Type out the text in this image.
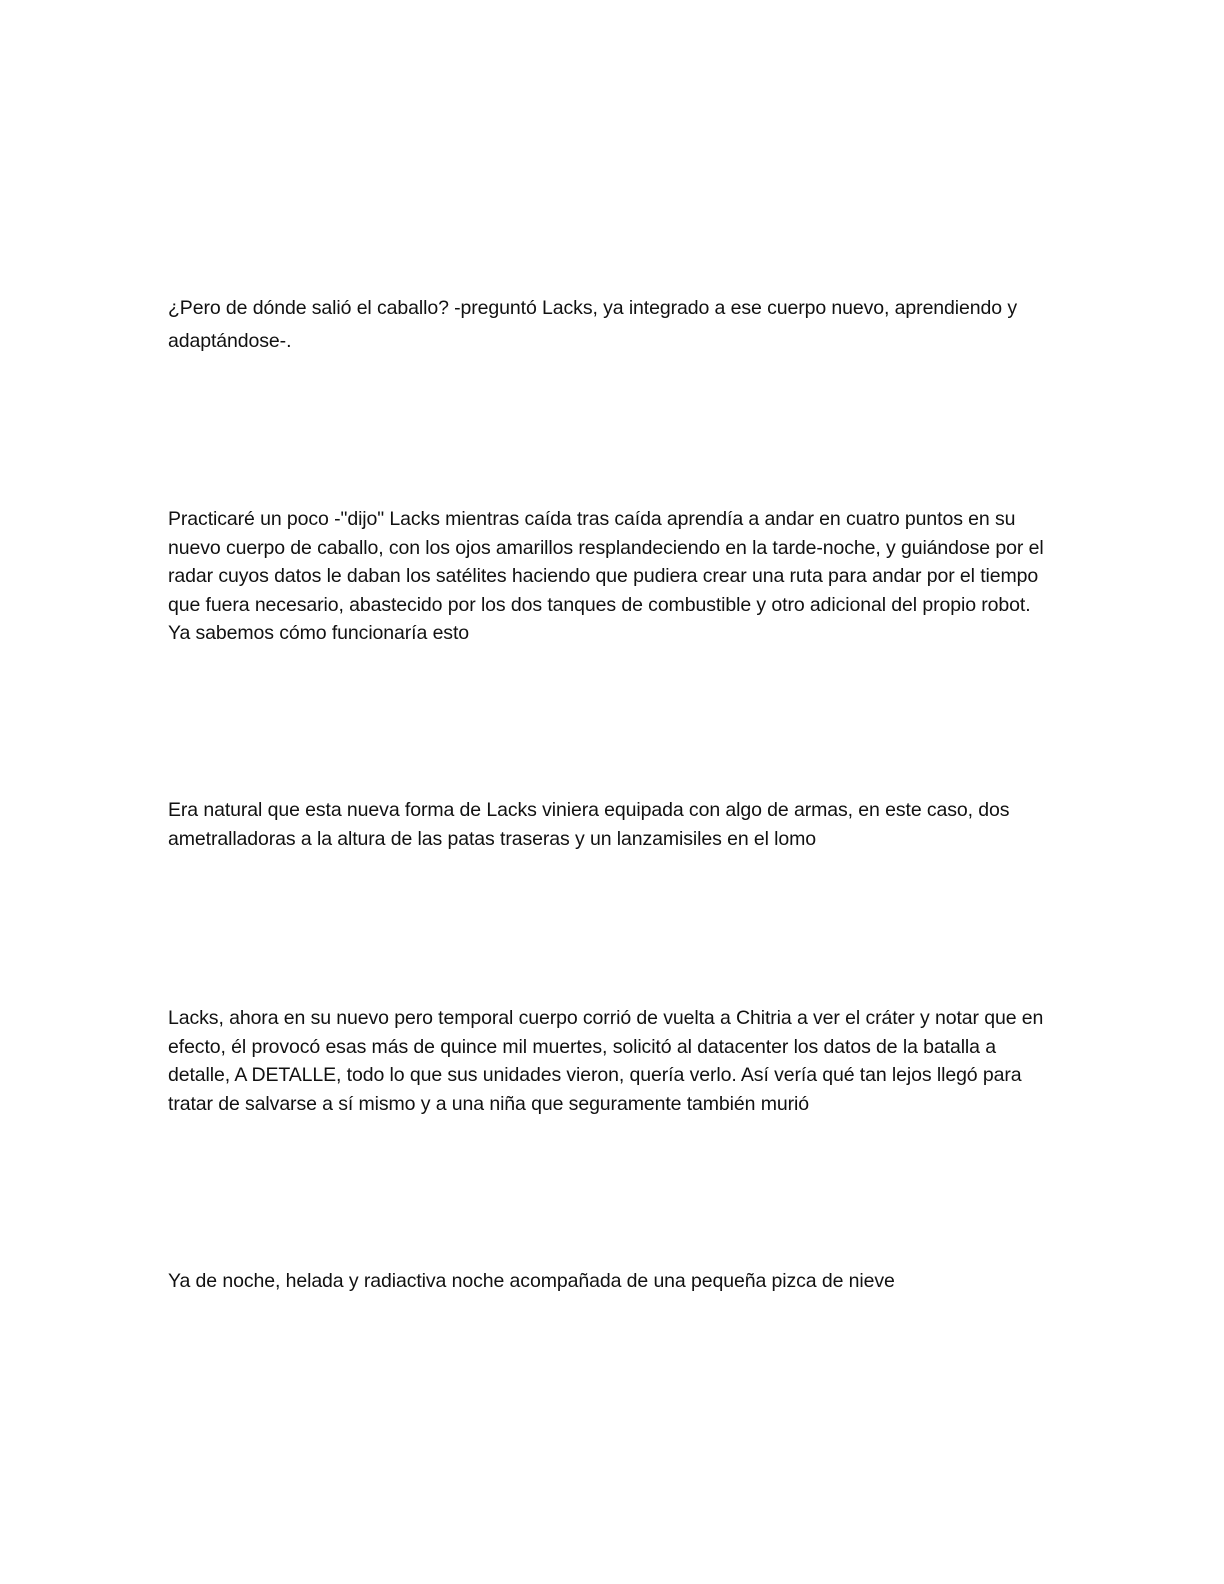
¿Pero de dónde salió el caballo? -preguntó Lacks, ya integrado a ese cuerpo nuevo, aprendiendo y adaptándose-.

Practicaré un poco -"dijo" Lacks mientras caída tras caída aprendía a andar en cuatro puntos en su nuevo cuerpo de caballo, con los ojos amarillos resplandeciendo en la tarde-noche, y guiándose por el radar cuyos datos le daban los satélites haciendo que pudiera crear una ruta para andar por el tiempo que fuera necesario, abastecido por los dos tanques de combustible y otro adicional del propio robot. Ya sabemos cómo funcionaría esto

Era natural que esta nueva forma de Lacks viniera equipada con algo de armas, en este caso, dos ametralladoras a la altura de las patas traseras y un lanzamisiles en el lomo

Lacks, ahora en su nuevo pero temporal cuerpo corrió de vuelta a Chitria a ver el cráter y notar que en efecto, él provocó esas más de quince mil muertes, solicitó al datacenter los datos de la batalla a detalle, A DETALLE, todo lo que sus unidades vieron, quería verlo. Así vería qué tan lejos llegó para tratar de salvarse a sí mismo y a una niña que seguramente también murió

Ya de noche, helada y radiactiva noche acompañada de una pequeña pizca de nieve
